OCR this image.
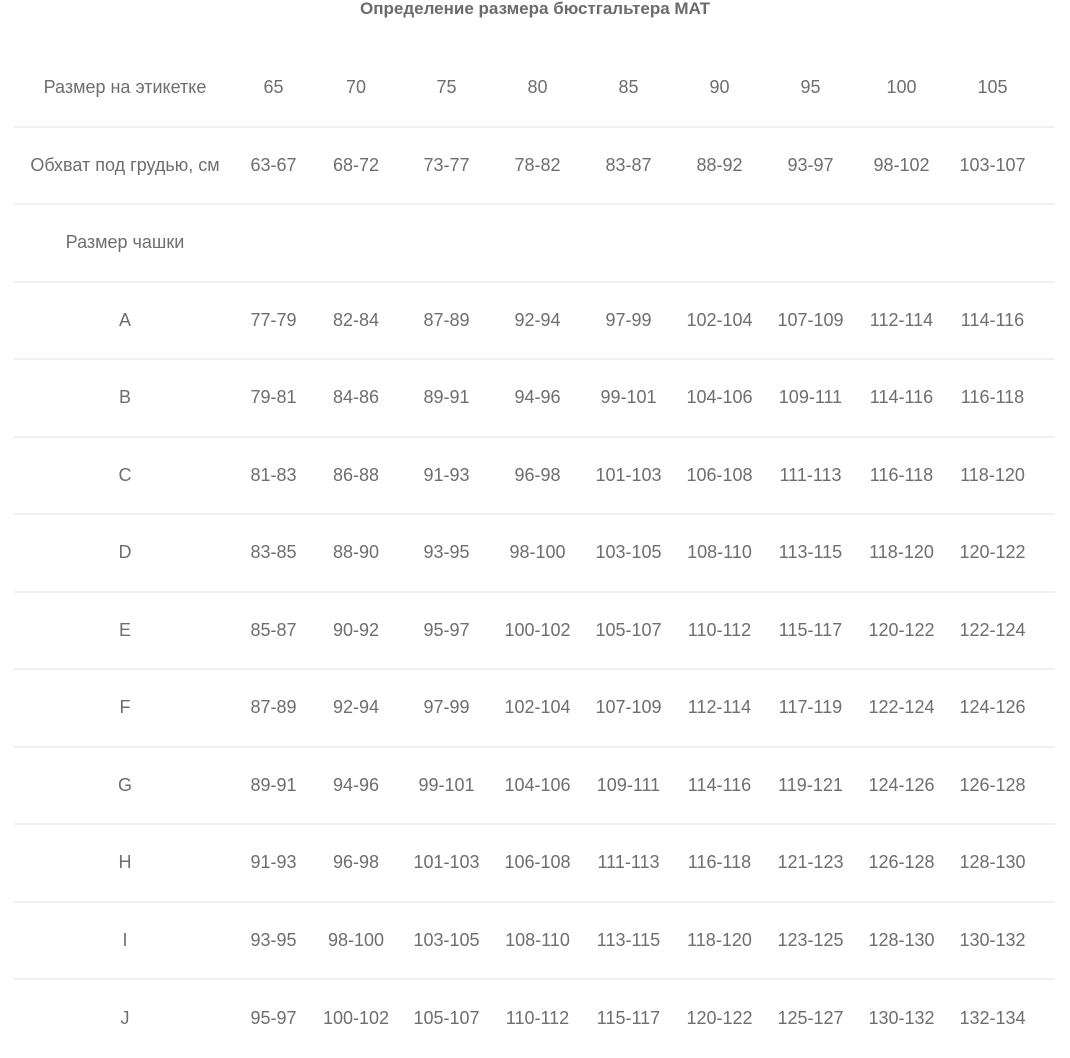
Определение размера бюстгальтера MAT
Размер на этикетке	65	70	75	80	85	90	95	100	105
Обхват под грудью, см	63-67	68-72	73-77	78-82	83-87	88-92	93-97	98-102	103-107
Размер чашки
A	77-79	82-84	87-89	92-94	97-99	102-104	107-109	112-114	114-116
B	79-81	84-86	89-91	94-96	99-101	104-106	109-111	114-116	116-118
C	81-83	86-88	91-93	96-98	101-103	106-108	111-113	116-118	118-120
D	83-85	88-90	93-95	98-100	103-105	108-110	113-115	118-120	120-122
E	85-87	90-92	95-97	100-102	105-107	110-112	115-117	120-122	122-124
F	87-89	92-94	97-99	102-104	107-109	112-114	117-119	122-124	124-126
G	89-91	94-96	99-101	104-106	109-111	114-116	119-121	124-126	126-128
H	91-93	96-98	101-103	106-108	111-113	116-118	121-123	126-128	128-130
I	93-95	98-100	103-105	108-110	113-115	118-120	123-125	128-130	130-132
J	95-97	100-102	105-107	110-112	115-117	120-122	125-127	130-132	132-134
